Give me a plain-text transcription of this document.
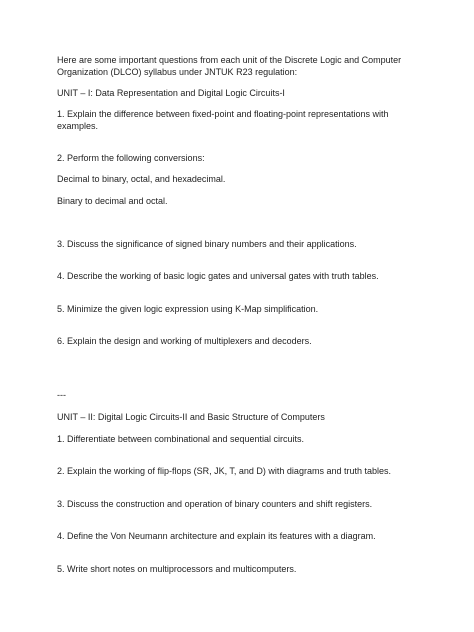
Here are some important questions from each unit of the Discrete Logic and Computer
Organization (DLCO) syllabus under JNTUK R23 regulation:
UNIT – I: Data Representation and Digital Logic Circuits-I
1. Explain the difference between fixed-point and floating-point representations with
examples.
2. Perform the following conversions:
Decimal to binary, octal, and hexadecimal.
Binary to decimal and octal.
3. Discuss the significance of signed binary numbers and their applications.
4. Describe the working of basic logic gates and universal gates with truth tables.
5. Minimize the given logic expression using K-Map simplification.
6. Explain the design and working of multiplexers and decoders.
---
UNIT – II: Digital Logic Circuits-II and Basic Structure of Computers
1. Differentiate between combinational and sequential circuits.
2. Explain the working of flip-flops (SR, JK, T, and D) with diagrams and truth tables.
3. Discuss the construction and operation of binary counters and shift registers.
4. Define the Von Neumann architecture and explain its features with a diagram.
5. Write short notes on multiprocessors and multicomputers.
